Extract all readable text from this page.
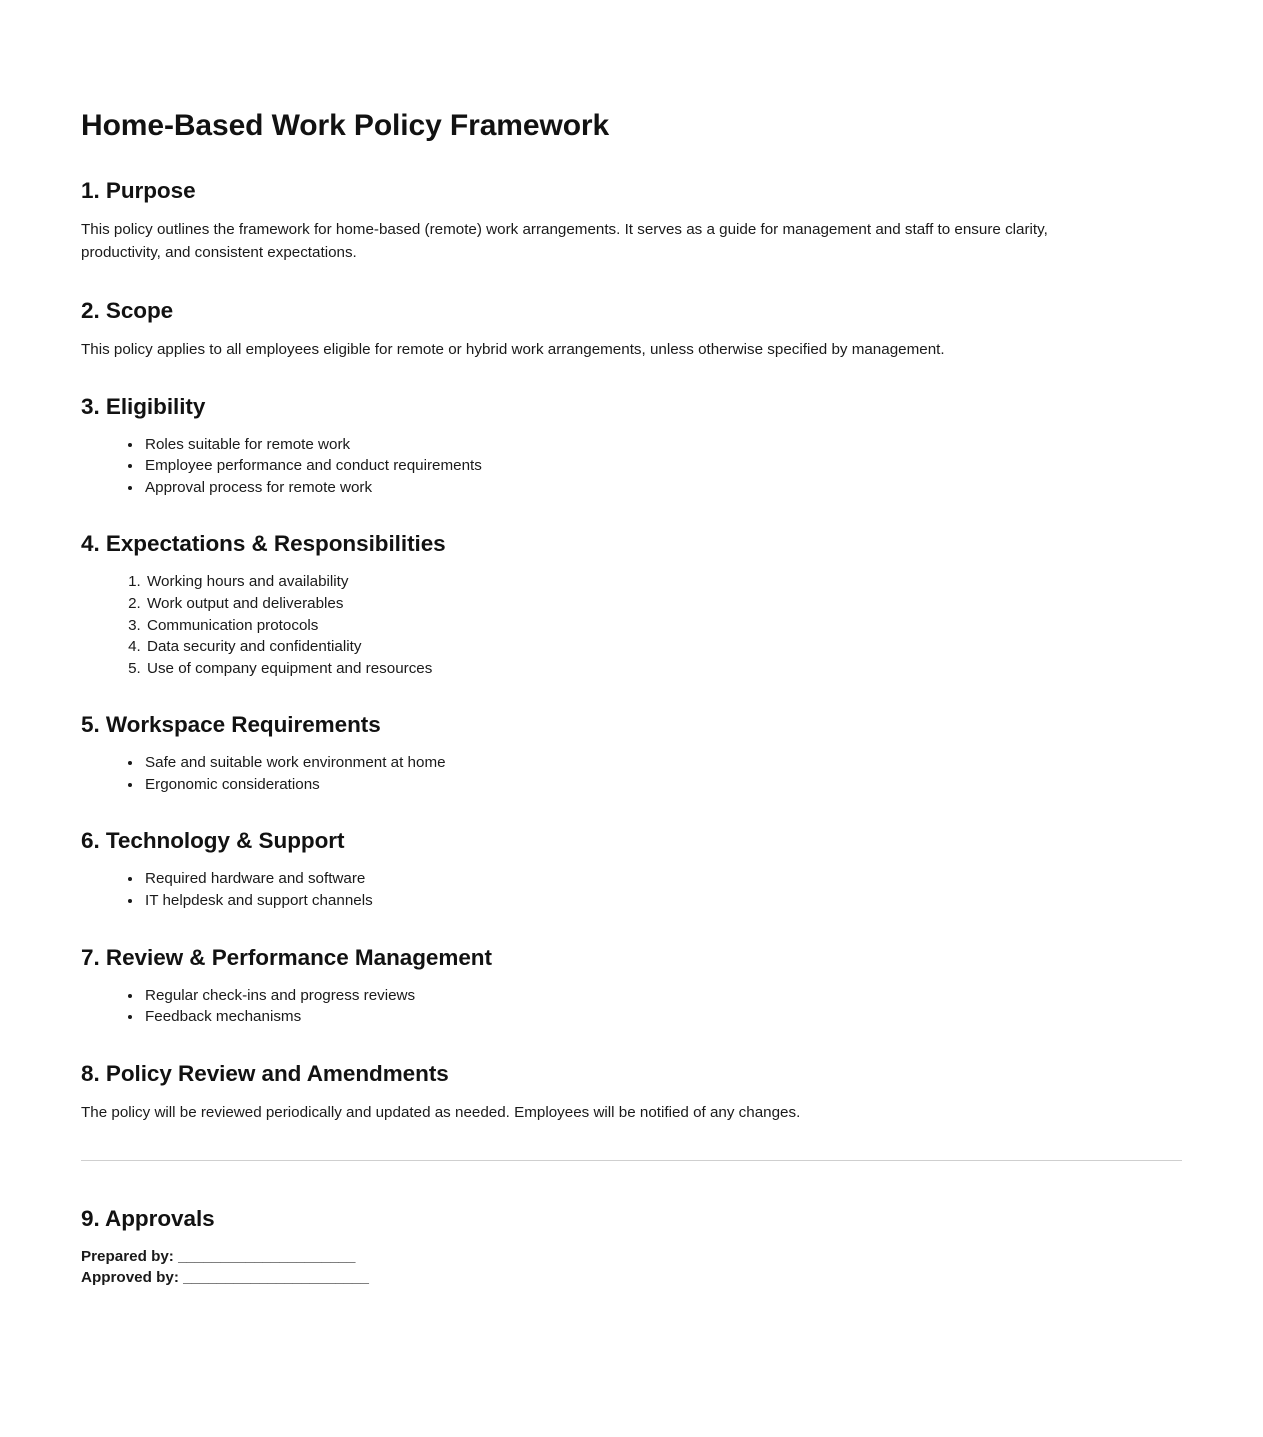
Home-Based Work Policy Framework
1. Purpose

This policy outlines the framework for home-based (remote) work arrangements. It serves as a guide for management and staff to ensure clarity, productivity, and consistent expectations.

2. Scope

This policy applies to all employees eligible for remote or hybrid work arrangements, unless otherwise specified by management.

3. Eligibility
• Roles suitable for remote work
• Employee performance and conduct requirements
• Approval process for remote work
4. Expectations & Responsibilities
1. Working hours and availability
2. Work output and deliverables
3. Communication protocols
4. Data security and confidentiality
5. Use of company equipment and resources
5. Workspace Requirements
• Safe and suitable work environment at home
• Ergonomic considerations
6. Technology & Support
• Required hardware and software
• IT helpdesk and support channels
7. Review & Performance Management
• Regular check-ins and progress reviews
• Feedback mechanisms
8. Policy Review and Amendments

The policy will be reviewed periodically and updated as needed. Employees will be notified of any changes.

9. Approvals
Prepared by: _____________________
Approved by: ______________________
